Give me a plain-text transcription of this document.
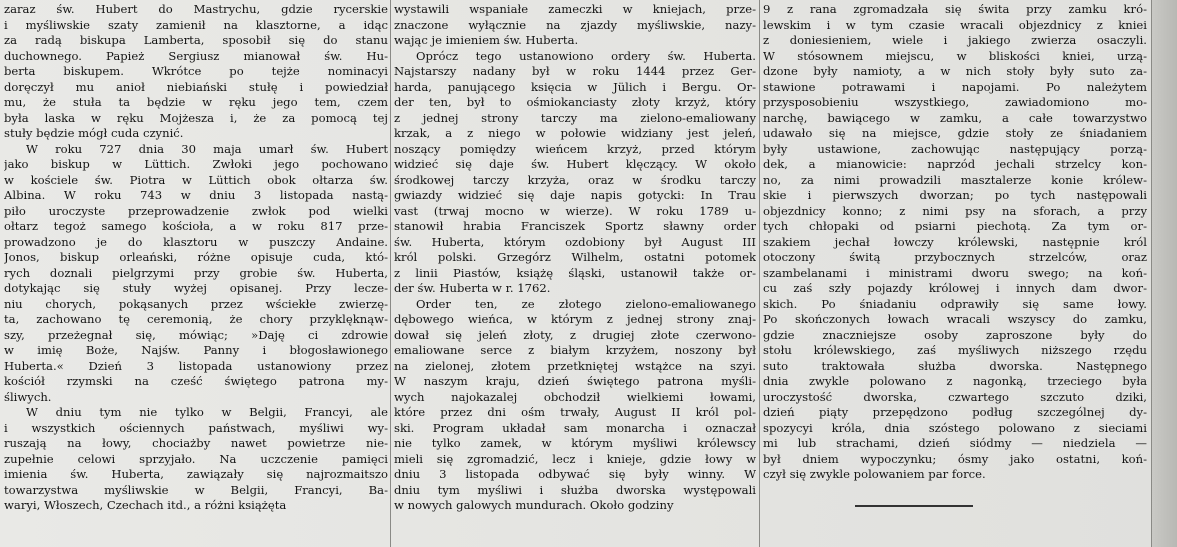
zaraz św. Hubert do Mastrychu, gdzie rycerskie
i myśliwskie szaty zamienił na klasztorne, a idąc
za radą biskupa Lamberta, sposobił się do stanu
duchownego. Papież Sergiusz mianował św. Hu-
berta biskupem. Wkrótce po tejże nominacyi
doręczył mu anioł niebiański stułę i powiedział
mu, że stuła ta będzie w ręku jego tem, czem
była laska w ręku Mojżesza i, że za pomocą tej
stuły będzie mógł cuda czynić.

W roku 727 dnia 30 maja umarł św. Hubert
jako biskup w Lüttich. Zwłoki jego pochowano
w kościele św. Piotra w Lüttich obok ołtarza św.
Albina. W roku 743 w dniu 3 listopada nastą-
piło uroczyste przeprowadzenie zwłok pod wielki
ołtarz tegoż samego kościoła, a w roku 817 prze-
prowadzono je do klasztoru w puszczy Andaine.
Jonos, biskup orleański, różne opisuje cuda, któ-
rych doznali pielgrzymi przy grobie św. Huberta,
dotykając się stuły wyżej opisanej. Przy lecze-
niu chorych, pokąsanych przez wściekłe zwierzę-
ta, zachowano tę ceremonią, że chory przyklęknąw-
szy, przeżegnał się, mówiąc; »Daję ci zdrowie
w imię Boże, Najśw. Panny i błogosławionego
Huberta.« Dzień 3 listopada ustanowiony przez
kościół rzymski na cześć świętego patrona my-
śliwych.

W dniu tym nie tylko w Belgii, Francyi, ale
i wszystkich ościennych państwach, myśliwi wy-
ruszają na łowy, chociażby nawet powietrze nie-
zupełnie celowi sprzyjało. Na uczczenie pamięci
imienia św. Huberta, zawiązały się najrozmaitszo
towarzystwa myśliwskie w Belgii, Francyi, Ba-
waryi, Włoszech, Czechach itd., a różni książęta

wystawili wspaniałe zameczki w kniejach, prze-
znaczone wyłącznie na zjazdy myśliwskie, nazy-
wając je imieniem św. Huberta.

Oprócz tego ustanowiono ordery św. Huberta.
Najstarszy nadany był w roku 1444 przez Ger-
harda, panującego księcia w Jülich i Bergu. Or-
der ten, był to ośmiokanciasty złoty krzyż, który
z jednej strony tarczy ma zielono-emaliowany
krzak, a z niego w połowie widziany jest jeleń,
noszący pomiędzy wieńcem krzyż, przed którym
widzieć się daje św. Hubert klęczący. W około
środkowej tarczy krzyża, oraz w środku tarczy
gwiazdy widzieć się daje napis gotycki: In Trau
vast (trwaj mocno w wierze). W roku 1789 u-
stanowił hrabia Franciszek Sportz sławny order
św. Huberta, którym ozdobiony był August III
król polski. Grzegórz Wilhelm, ostatni potomek
z linii Piastów, książę śląski, ustanowił także or-
der św. Huberta w r. 1762.

Order ten, ze złotego zielono-emaliowanego
dębowego wieńca, w którym z jednej strony znaj-
dował się jeleń złoty, z drugiej złote czerwono-
emaliowane serce z białym krzyżem, noszony był
na zielonej, złotem przetkniętej wstążce na szyi.
W naszym kraju, dzień świętego patrona myśli-
wych najokazalej obchodził wielkiemi łowami,
które przez dni ośm trwały, August II król pol-
ski. Program układał sam monarcha i oznaczał
nie tylko zamek, w którym myśliwi królewscy
mieli się zgromadzić, lecz i knieje, gdzie łowy w
dniu 3 listopada odbywać się były winny. W
dniu tym myśliwi i służba dworska występowali
w nowych galowych mundurach. Około godziny

9 z rana zgromadzała się świta przy zamku kró-
lewskim i w tym czasie wracali objezdnicy z kniei
z doniesieniem, wiele i jakiego zwierza osaczyli.
W stósownem miejscu, w bliskości kniei, urzą-
dzone były namioty, a w nich stoły były suto za-
stawione potrawami i napojami. Po należytem
przysposobieniu wszystkiego, zawiadomiono mo-
narchę, bawiącego w zamku, a całe towarzystwo
udawało się na miejsce, gdzie stoły ze śniadaniem
były ustawione, zachowując następujący porzą-
dek, a mianowicie: naprzód jechali strzelcy kon-
no, za nimi prowadzili masztalerze konie królew-
skie i pierwszych dworzan; po tych następowali
objezdnicy konno; z nimi psy na sforach, a przy
tych chłopaki od psiarni piechotą. Za tym or-
szakiem jechał łowczy królewski, następnie król
otoczony świtą przybocznych strzelców, oraz
szambelanami i ministrami dworu swego; na koń-
cu zaś szły pojazdy królowej i innych dam dwor-
skich. Po śniadaniu odprawiły się same łowy.
Po skończonych łowach wracali wszyscy do zamku,
gdzie znaczniejsze osoby zaproszone były do
stołu królewskiego, zaś myśliwych niższego rzędu
suto traktowała służba dworska. Następnego
dnia zwykle polowano z nagonką, trzeciego była
uroczystość dworska, czwartego szczuto dziki,
dzień piąty przepędzono podług szczególnej dy-
spozycyi króla, dnia szóstego polowano z sieciami
mi lub strachami, dzień siódmy — niedziela —
był dniem wypoczynku; ósmy jako ostatni, koń-
czył się zwykle polowaniem par force.
